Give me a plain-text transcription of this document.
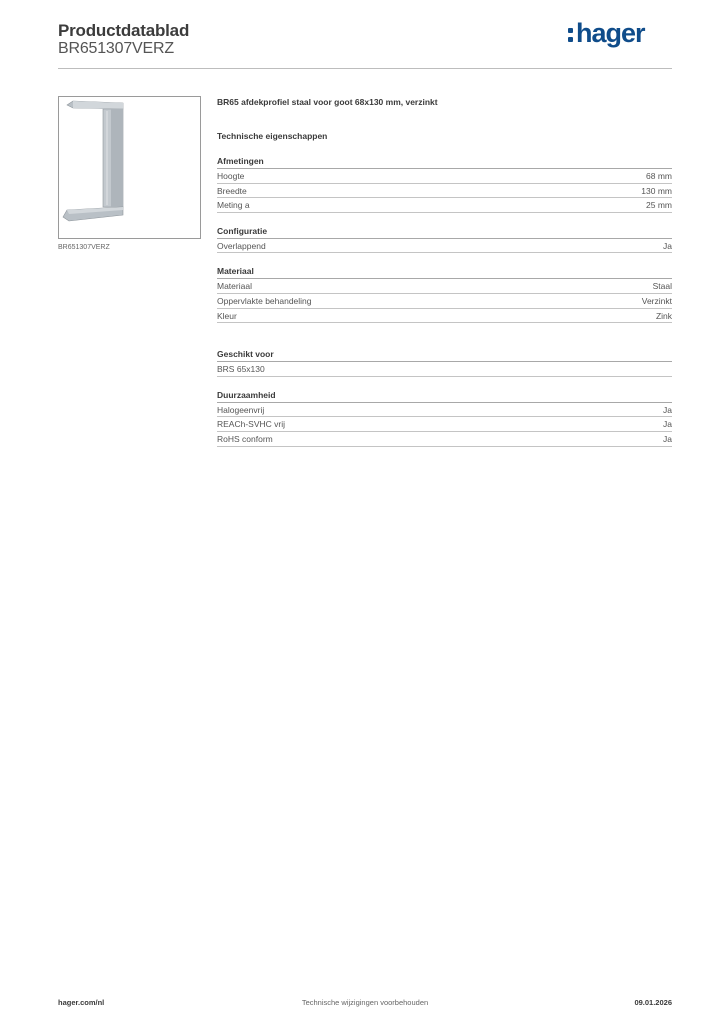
Productdatablad
BR651307VERZ
hager
BR651307VERZ
BR65 afdekprofiel staal voor goot 68x130 mm, verzinkt
Technische eigenschappen
Afmetingen
Hoogte	68 mm
Breedte	130 mm
Meting a	25 mm
Configuratie
Overlappend	Ja
Materiaal
Materiaal	Staal
Oppervlakte behandeling	Verzinkt
Kleur	Zink
Geschikt voor
BRS 65x130
Duurzaamheid
Halogeenvrij	Ja
REACh-SVHC vrij	Ja
RoHS conform	Ja
hager.com/nl	Technische wijzigingen voorbehouden	09.01.2026
